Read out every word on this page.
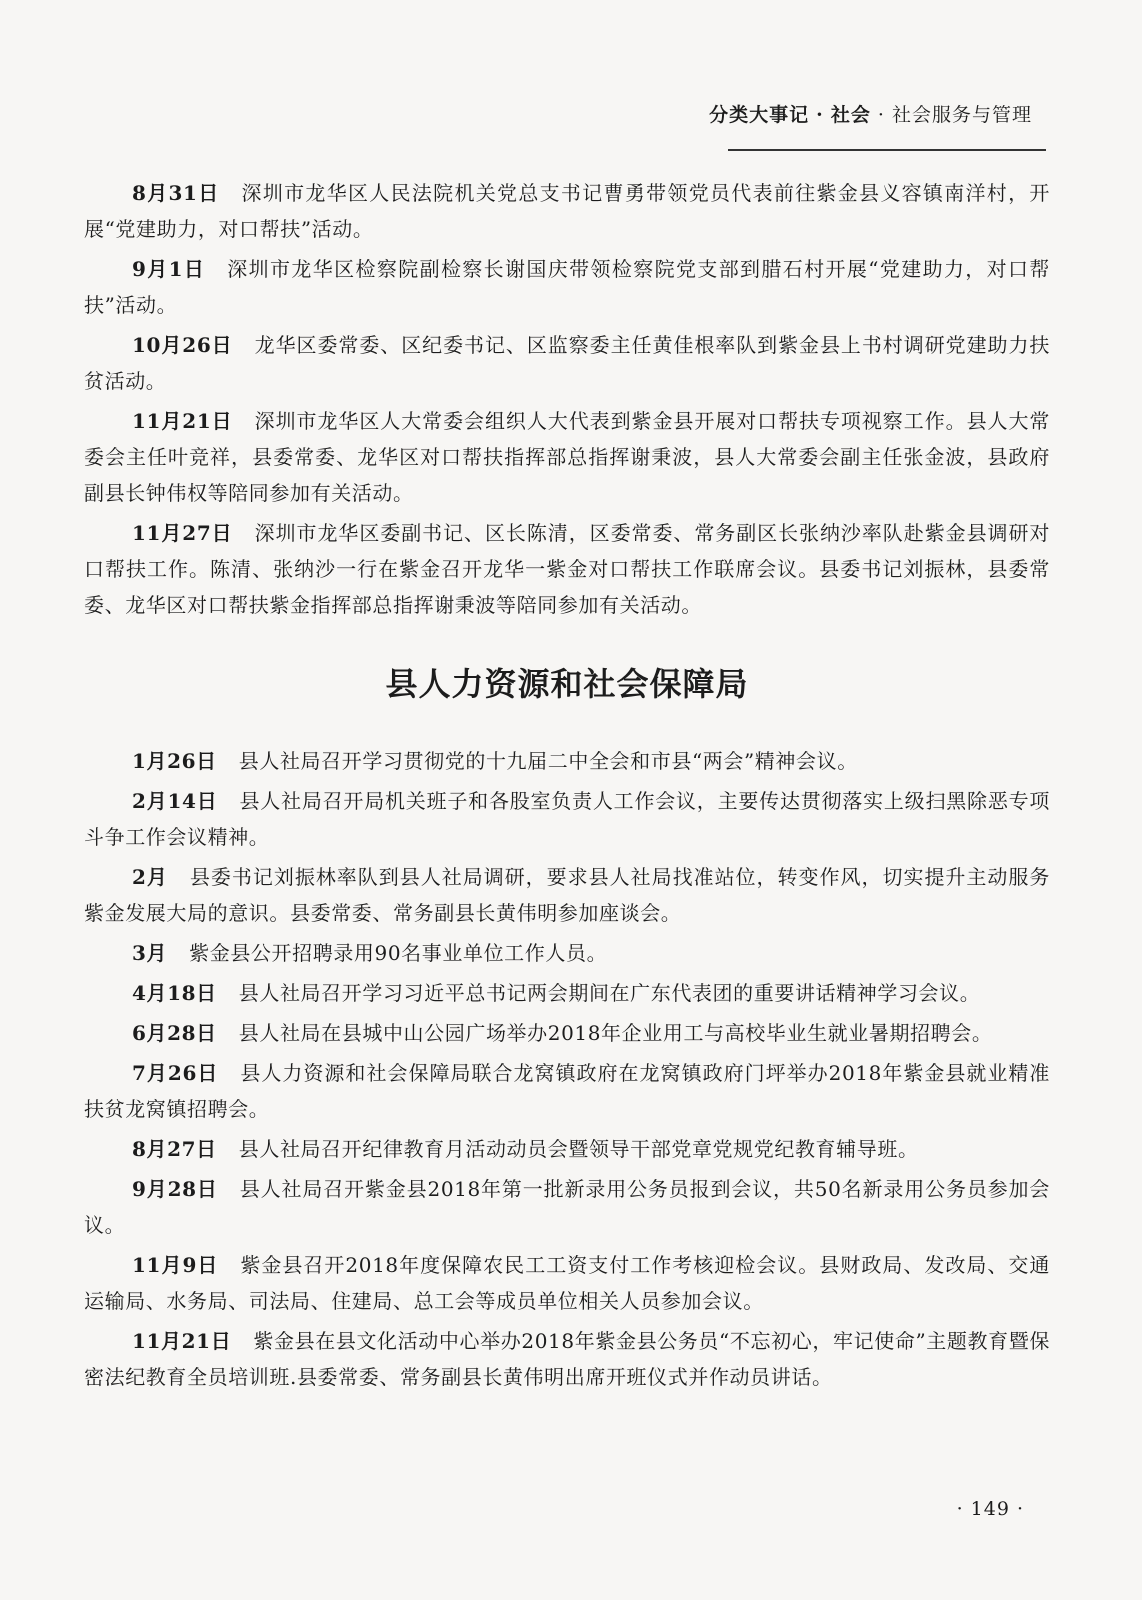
分类大事记 · 社会 · 社会服务与管理

8月31日 深圳市龙华区人民法院机关党总支书记曹勇带领党员代表前往紫金县义容镇南洋村，开展“党建助力，对口帮扶”活动。

9月1日 深圳市龙华区检察院副检察长谢国庆带领检察院党支部到腊石村开展“党建助力，对口帮扶”活动。

10月26日 龙华区委常委、区纪委书记、区监察委主任黄佳根率队到紫金县上书村调研党建助力扶贫活动。

11月21日 深圳市龙华区人大常委会组织人大代表到紫金县开展对口帮扶专项视察工作。县人大常委会主任叶竞祥，县委常委、龙华区对口帮扶指挥部总指挥谢秉波，县人大常委会副主任张金波，县政府副县长钟伟权等陪同参加有关活动。

11月27日 深圳市龙华区委副书记、区长陈清，区委常委、常务副区长张纳沙率队赴紫金县调研对口帮扶工作。陈清、张纳沙一行在紫金召开龙华一紫金对口帮扶工作联席会议。县委书记刘振林，县委常委、龙华区对口帮扶紫金指挥部总指挥谢秉波等陪同参加有关活动。

县人力资源和社会保障局

1月26日 县人社局召开学习贯彻党的十九届二中全会和市县“两会”精神会议。

2月14日 县人社局召开局机关班子和各股室负责人工作会议，主要传达贯彻落实上级扫黑除恶专项斗争工作会议精神。

2月 县委书记刘振林率队到县人社局调研，要求县人社局找准站位，转变作风，切实提升主动服务紫金发展大局的意识。县委常委、常务副县长黄伟明参加座谈会。

3月 紫金县公开招聘录用90名事业单位工作人员。

4月18日 县人社局召开学习习近平总书记两会期间在广东代表团的重要讲话精神学习会议。

6月28日 县人社局在县城中山公园广场举办2018年企业用工与高校毕业生就业暑期招聘会。

7月26日 县人力资源和社会保障局联合龙窝镇政府在龙窝镇政府门坪举办2018年紫金县就业精准扶贫龙窝镇招聘会。

8月27日 县人社局召开纪律教育月活动动员会暨领导干部党章党规党纪教育辅导班。

9月28日 县人社局召开紫金县2018年第一批新录用公务员报到会议，共50名新录用公务员参加会议。

11月9日 紫金县召开2018年度保障农民工工资支付工作考核迎检会议。县财政局、发改局、交通运输局、水务局、司法局、住建局、总工会等成员单位相关人员参加会议。

11月21日 紫金县在县文化活动中心举办2018年紫金县公务员“不忘初心，牢记使命”主题教育暨保密法纪教育全员培训班.县委常委、常务副县长黄伟明出席开班仪式并作动员讲话。

· 149 ·
